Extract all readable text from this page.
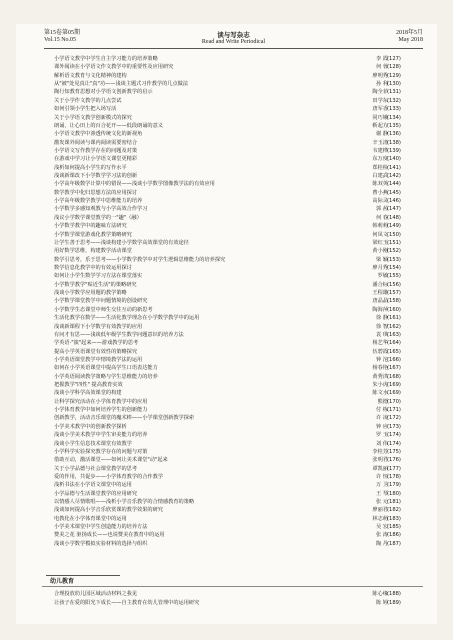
第15卷第05期
Vol.15 No.05
读与写杂志
Read and Write Periodical
2018年5月
May 2018
小学语文教学中学生自主学习能力的培养策略	李 霞 (127)
课外阅读在小学语文作文教学中的重要性及应用研究	何 蓉 (128)
解析语文教育与文化精神的建构	廖明秀 (129)
从"被"处见真让"真"功——浅谈主题式习作教学的几点做法	孙 利 (130)
陶行知教育思想对小学语文创新教学的启示	陶全菲 (131)
关于小学作文教学的几点尝试	田学东 (132)
如何引领小学生把入场写活	唐军香 (133)
关于小学语文教学创新模式的探究	同巧娥 (134)
朗诵，让心田上的百合花开——低段朗诵的意义	靳起方 (135)
小学语文教学中渗透传统文化的新视角	谢 静 (136)
激发课外阅读与课内阅读需要密结合	辛玉清 (138)
小学语文写作教学存在的问题及对策	韦建桦 (139)
在游戏中学习让小学语文课堂更精彩	东万度 (140)
浅析如何提高小学生的写作水平	郑桂检 (141)
浅谈新课改下小学数学学习法的创新	白建武 (142)
小学高年级数学计算中的错误——浅谈小学数学图像教学法的有效应用	陈双英 (144)
数学教学中化归思想方法的应用探讨	曹小燕 (145)
小学高年级数学教学中思维能力的培养	高际灵 (146)
小学数学多感知观教与小学高效合作学习	郭 茜 (147)
浅议小学数学课堂教学的一"趣"（融）	何 春 (148)
小学数学教学中的趣味方法研究	韩莉莉 (149)
小学数学课堂游戏化教学策略研究	何凤文 (150)
让学生善于思考——浅谈构建小学数学高效课堂的有效途径	梁红玉 (151)
用好数学思维，构建数学活动课堂	黄小刚 (152)
数学引思考，乐于思考——小学数学教学中对学生逻辑思维能力的培养探究	梁 颖 (153)
数学信息化教学中的有效运用探讨	廖月秀 (154)
如何让小学生数学学习方法在课堂落实	罗敏 (155)
小学数学教学"贴近生活"的策略研究	潘合标 (156)
浅谈小学数学应用题的教学策略	王程雄 (157)
小学数学课堂教学中问题情境的创设研究	唐晶晶 (158)
小学数学生态课堂中师生交往互动的新思考	陶海萍 (160)
生活化教学在数学——生活化教学理念在小学数学教学中的运用	徐 静 (161)
浅谈新课程下小学数学有效教学的应用	徐 智 (162)
有问才有思——浅谈低年级学生数学问题意识的培养方法	袁 琪 (163)
学英语·"演"起来——游戏教学的思考	杨艺华 (164)
提高小学英语课堂有效性的策略探究	伍碧霞 (165)
小学英语课堂教学中情境教学法的运用	钟 沱 (166)
如何在小学英语课堂中提高学生口语表达能力	杨春艳 (167)
小学英语阅读教学策略与学生思维能力的培养	黄秀洪 (168)
把握教学"四性" 提高教育实效	朱小虎 (169)
浅谈小学科学高效课堂的构建	陈文水 (169)
让科学探究活动在小学体育教学中的应用	熊德 (170)
小学体育教学中如何培养学生的创新能力	付 栋 (171)
创新教学，活动音乐课堂的魔术棒——小学课堂创新教学探索	许 凌 (172)
小学美术教学中的创新教学探析	钟 应 (173)
浅谈小学美术教学中学生审美能力的培养	罗 玉 (174)
浅谈小学生信息技术课堂有效教学	刘 伟 (174)
小学科学实验探究教学存在的问题与对策	李桂芳 (175)
借助互动，激活课堂——如何让美术课堂"动"起来	张明君 (176)
关于小学品德与社会课堂教学的思考	谭凯丽 (177)
爱的作用，共促步——小学体育教学的合作教学	许 恒 (178)
浅析书法在小学语文课堂中的运用	万 卫 (179)
小学品德与生活课堂教学的应用研究	王 琴 (180)
以情感人尽情歌唱——浅析小学音乐教学的合情感教育的策略	张 元 (181)
浅谈如何提高小学音乐欣赏课的教学效果的研究	廖丽君 (182)
电教化在小学体育课堂中的运用	林志萌 (183)
小学美术课堂中学生创造能力的培养方法	吴 宏 (185)
赞美之花 驱扬成长——也说赞美在教育中的运用	张 涛 (186)
浅谈小学数学模拟实验材料的选择与组织	陶 丹 (187)
幼儿教育
合理投放幼儿园区域活动材料之我见	陈心缘 (188)
让孩子在爱的阳光下成长——自主教育在幼儿管理中的运用研究	陈 婷 (189)
